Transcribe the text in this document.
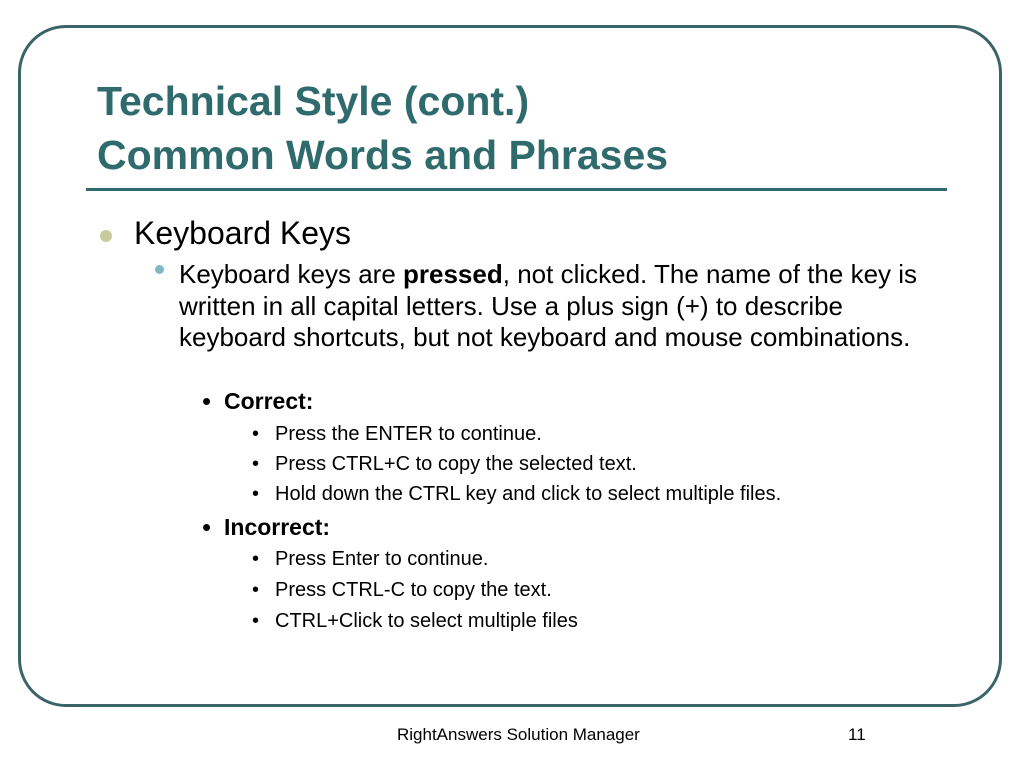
Technical Style (cont.)
Common Words and Phrases
Keyboard Keys
Keyboard keys are pressed, not clicked. The name of the key is written in all capital letters. Use a plus sign (+) to describe keyboard shortcuts, but not keyboard and mouse combinations.
• Correct:
• Press the ENTER to continue.
• Press CTRL+C to copy the selected text.
• Hold down the CTRL key and click to select multiple files.
• Incorrect:
• Press Enter to continue.
• Press CTRL-C to copy the text.
• CTRL+Click to select multiple files
RightAnswers Solution Manager	11
